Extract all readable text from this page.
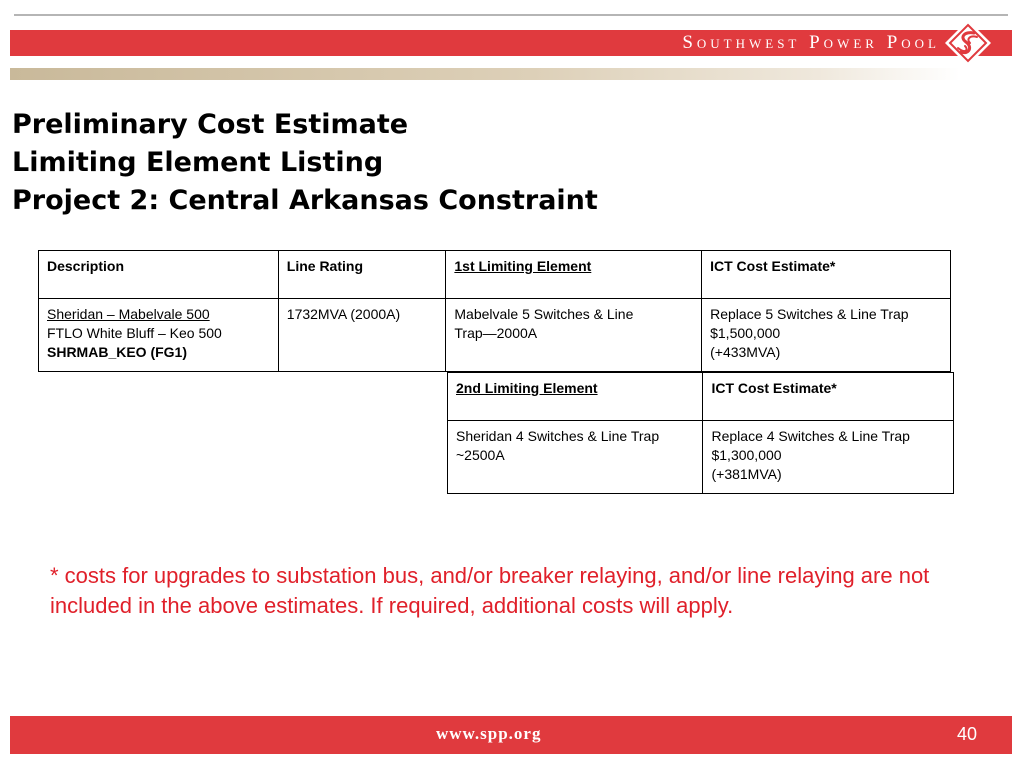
Southwest Power Pool
Preliminary Cost Estimate
Limiting Element Listing
Project 2: Central Arkansas Constraint
Description	Line Rating	1st Limiting Element	ICT Cost Estimate*

Sheridan – Mabelvale 500
FTLO White Bluff – Keo 500
SHRMAB_KEO (FG1)	1732MVA (2000A)	Mabelvale 5 Switches & Line
Trap—2000A	Replace 5 Switches & Line Trap
$1,500,000
(+433MVA)
2nd Limiting Element	ICT Cost Estimate*

Sheridan 4 Switches & Line Trap
~2500A	Replace 4 Switches & Line Trap
$1,300,000
(+381MVA)

* costs for upgrades to substation bus, and/or breaker relaying, and/or line relaying are not included in the above estimates. If required, additional costs will apply.

www.spp.org	40
